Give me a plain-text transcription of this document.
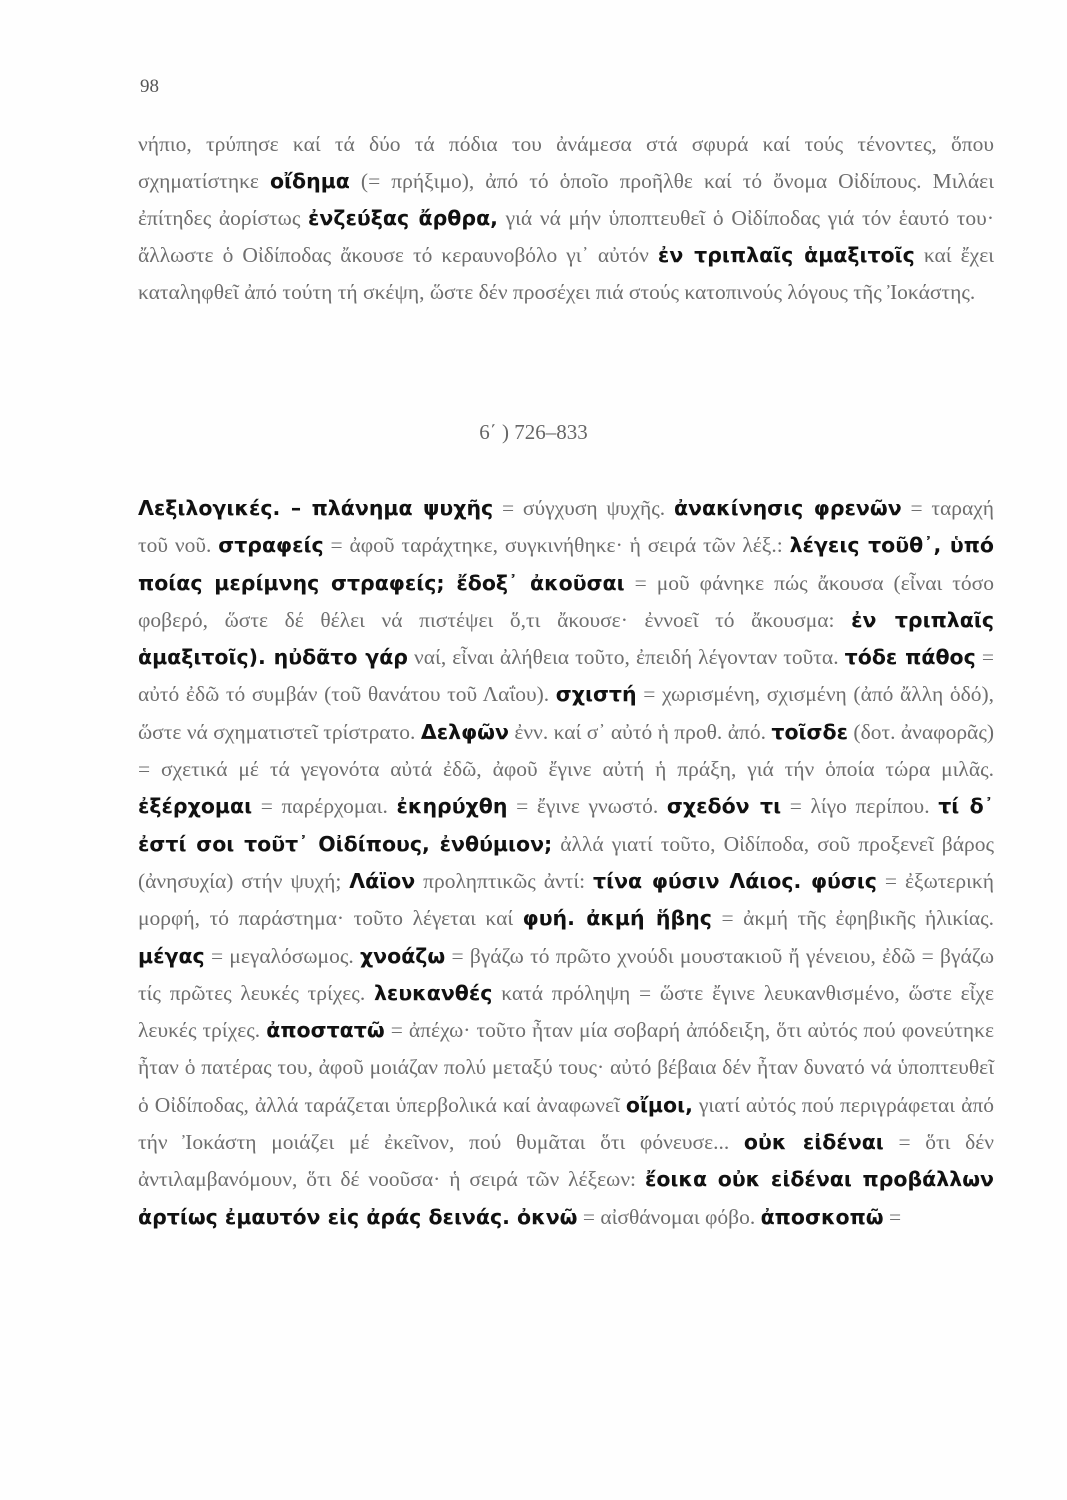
98
νήπιο, τρύπησε καί τά δύο τά πόδια του ἀνάμεσα στά σφυρά καί τούς τένοντες, ὅπου σχηματίστηκε οἴδημα (= πρήξιμο), ἀπό τό ὁποῖο προῆλθε καί τό ὄνομα Οἰδίπους. Μιλάει ἐπίτηδες ἀορίστως ἐνζεύξας ἄρθρα, γιά νά μήν ὑποπτευθεῖ ὁ Οἰδίποδας γιά τόν ἑαυτό του· ἄλλωστε ὁ Οἰδίποδας ἄκουσε τό κεραυνοβόλο γι᾽ αὐτόν ἐν τριπλαῖς ἁμαξιτοῖς καί ἔχει καταληφθεῖ ἀπό τούτη τή σκέψη, ὥστε δέν προσέχει πιά στούς κατοπινούς λόγους τῆς Ἰοκάστης.
6΄ ) 726–833
Λεξιλογικές. – πλάνημα ψυχῆς = σύγχυση ψυχῆς. ἀνακίνησις φρενῶν = ταραχή τοῦ νοῦ. στραφείς = ἀφοῦ ταράχτηκε, συγκινήθηκε· ἡ σειρά τῶν λέξ.: λέγεις τοῦθ᾽, ὑπό ποίας μερίμνης στραφείς; ἔδοξ᾽ ἀκοῦσαι = μοῦ φάνηκε πώς ἄκουσα (εἶναι τόσο φοβερό, ὥστε δέ θέλει νά πιστέψει ὅ,τι ἄκουσε· ἐννοεῖ τό ἄκουσμα: ἐν τριπλαῖς ἁμαξιτοῖς). ηὐδᾶτο γάρ ναί, εἶναι ἀλήθεια τοῦτο, ἐπειδή λέγονταν τοῦτα. τόδε πάθος = αὐτό ἐδῶ τό συμβάν (τοῦ θανάτου τοῦ Λαΐου). σχιστή = χωρισμένη, σχισμένη (ἀπό ἄλλη ὁδό), ὥστε νά σχηματιστεῖ τρίστρατο. Δελφῶν ἐνν. καί σ᾽ αὐτό ἡ προθ. ἀπό. τοῖσδε (δοτ. ἀναφορᾶς) = σχετικά μέ τά γεγονότα αὐτά ἐδῶ, ἀφοῦ ἔγινε αὐτή ἡ πράξη, γιά τήν ὁποία τώρα μιλᾶς. ἐξέρχομαι = παρέρχομαι. ἐκηρύχθη = ἔγινε γνωστό. σχεδόν τι = λίγο περίπου. τί δ᾽ ἐστί σοι τοῦτ᾽ Οἰδίπους, ἐνθύμιον; ἀλλά γιατί τοῦτο, Οἰδίποδα, σοῦ προξενεῖ βάρος (ἀνησυχία) στήν ψυχή; Λάϊον προληπτικῶς ἀντί: τίνα φύσιν Λάιος. φύσις = ἐξωτερική μορφή, τό παράστημα· τοῦτο λέγεται καί φυή. ἀκμή ἥβης = ἀκμή τῆς ἐφηβικῆς ἡλικίας. μέγας = μεγαλόσωμος. χνοάζω = βγάζω τό πρῶτο χνούδι μουστακιοῦ ἤ γένειου, ἐδῶ = βγάζω τίς πρῶτες λευκές τρίχες. λευκανθές κατά πρόληψη = ὥστε ἔγινε λευκανθισμένο, ὥστε εἶχε λευκές τρίχες. ἀποστατῶ = ἀπέχω· τοῦτο ἦταν μία σοβαρή ἀπόδειξη, ὅτι αὐτός πού φονεύτηκε ἦταν ὁ πατέρας του, ἀφοῦ μοιάζαν πολύ μεταξύ τους· αὐτό βέβαια δέν ἦταν δυνατό νά ὑποπτευθεῖ ὁ Οἰδίποδας, ἀλλά ταράζεται ὑπερβολικά καί ἀναφωνεῖ οἴμοι, γιατί αὐτός πού περιγράφεται ἀπό τήν Ἰοκάστη μοιάζει μέ ἐκεῖνον, πού θυμᾶται ὅτι φόνευσε... οὐκ εἰδέναι = ὅτι δέν ἀντιλαμβανόμουν, ὅτι δέ νοοῦσα· ἡ σειρά τῶν λέξεων: ἔοικα οὐκ εἰδέναι προβάλλων ἀρτίως ἐμαυτόν εἰς ἀράς δεινάς. ὀκνῶ = αἰσθάνομαι φόβο. ἀποσκοπῶ =
